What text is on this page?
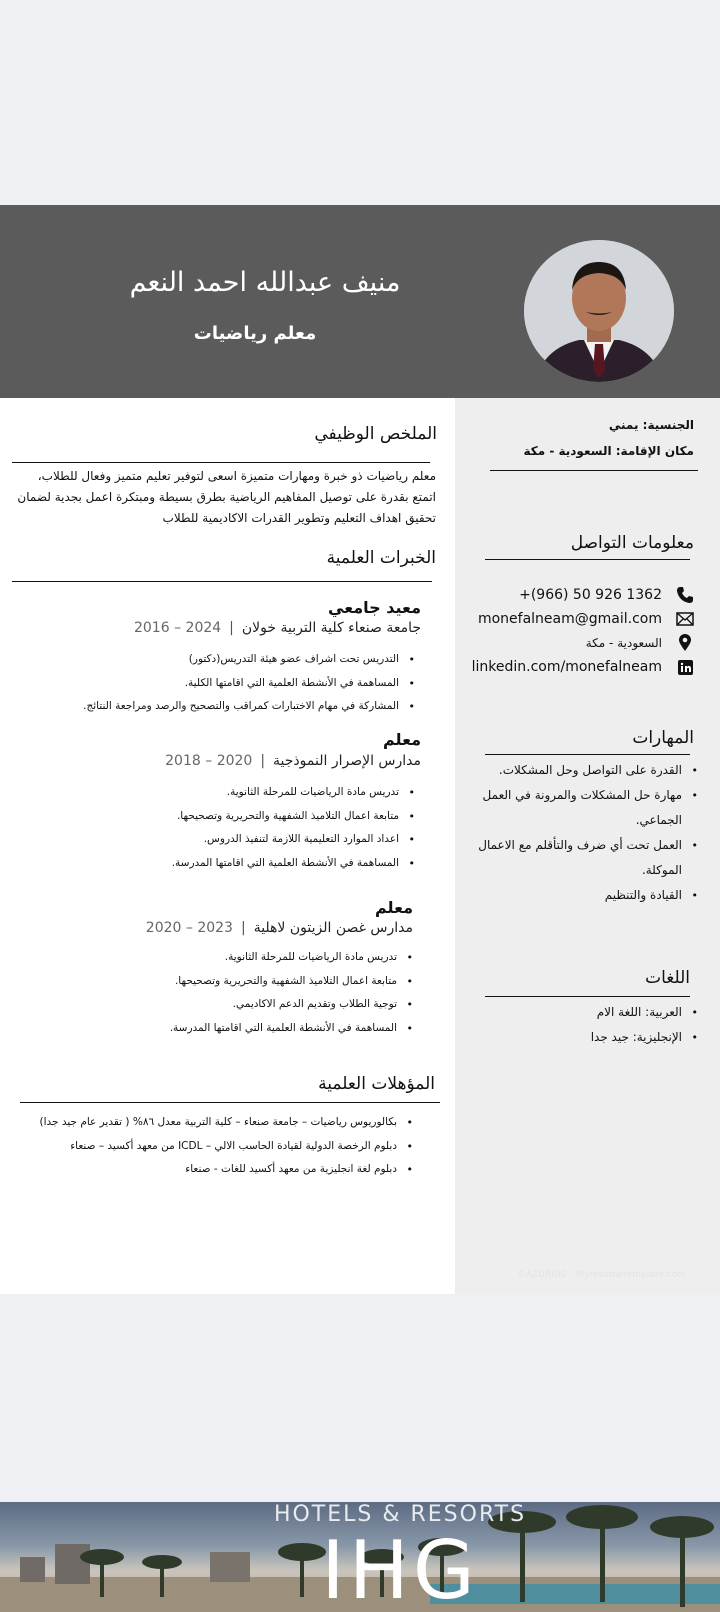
منيف عبدالله احمد النعم
معلم رياضيات
الجنسية: يمني
مكان الإقامة: السعودية - مكة
معلومات التواصل
+(966) 50 926 1362
monefalneam@gmail.com
السعودية - مكة
linkedin.com/monefalneam
المهارات
• القدرة على التواصل وحل المشكلات.
• مهارة حل المشكلات والمرونة في العمل الجماعي.
• العمل تحت أي ضرف والتأقلم مع الاعمال الموكلة.
• القيادة والتنظيم
اللغات
• العربية: اللغة الام
• الإنجليزية: جيد جدا
الملخص الوظيفي
معلم رياضيات ذو خبرة ومهارات متميزة اسعى لتوفير تعليم متميز وفعال للطلاب،
اتمتع بقدرة على توصيل المفاهيم الرياضية بطرق بسيطة ومبتكرة اعمل بجدية لضمان
تحقيق اهداف التعليم وتطوير القدرات الاكاديمية للطلاب
الخبرات العلمية
معيد جامعي
جامعة صنعاء كلية التربية خولان|2024 – 2016
• التدريس تحت اشراف عضو هيئة التدريس(دكتور)
• المساهمة في الأنشطة العلمية التي اقامتها الكلية.
• المشاركة في مهام الاختبارات كمراقب والتصحيح والرصد ومراجعة النتائج.
معلم
مدارس الإصرار النموذجية|2020 – 2018
• تدريس مادة الرياضيات للمرحلة الثانوية.
• متابعة اعمال التلاميذ الشفهية والتحريرية وتصحيحها.
• اعداد الموارد التعليمية اللازمة لتنفيذ الدروس.
• المساهمة في الأنشطة العلمية التي اقامتها المدرسة.
معلم
مدارس غصن الزيتون لاهلية|2023 – 2020
• تدريس مادة الرياضيات للمرحلة الثانوية.
• متابعة اعمال التلاميذ الشفهية والتحريرية وتصحيحها.
• توجية الطلاب وتقديم الدعم الاكاديمي.
• المساهمة في الأنشطة العلمية التي اقامتها المدرسة.
المؤهلات العلمية
• بكالوريوس رياضيات – جامعة صنعاء – كلية التربية معدل ٨٦% ( تقدير عام جيد جدا)
• دبلوم الرخصة الدولية لقيادة الحاسب الالي – ICDL من معهد أكسيد – صنعاء
• دبلوم لغة انجليزية من معهد أكسيد للغات - صنعاء
©AZURIUS – Myresumetemplate.com
HOTELS & RESORTS
IHG
